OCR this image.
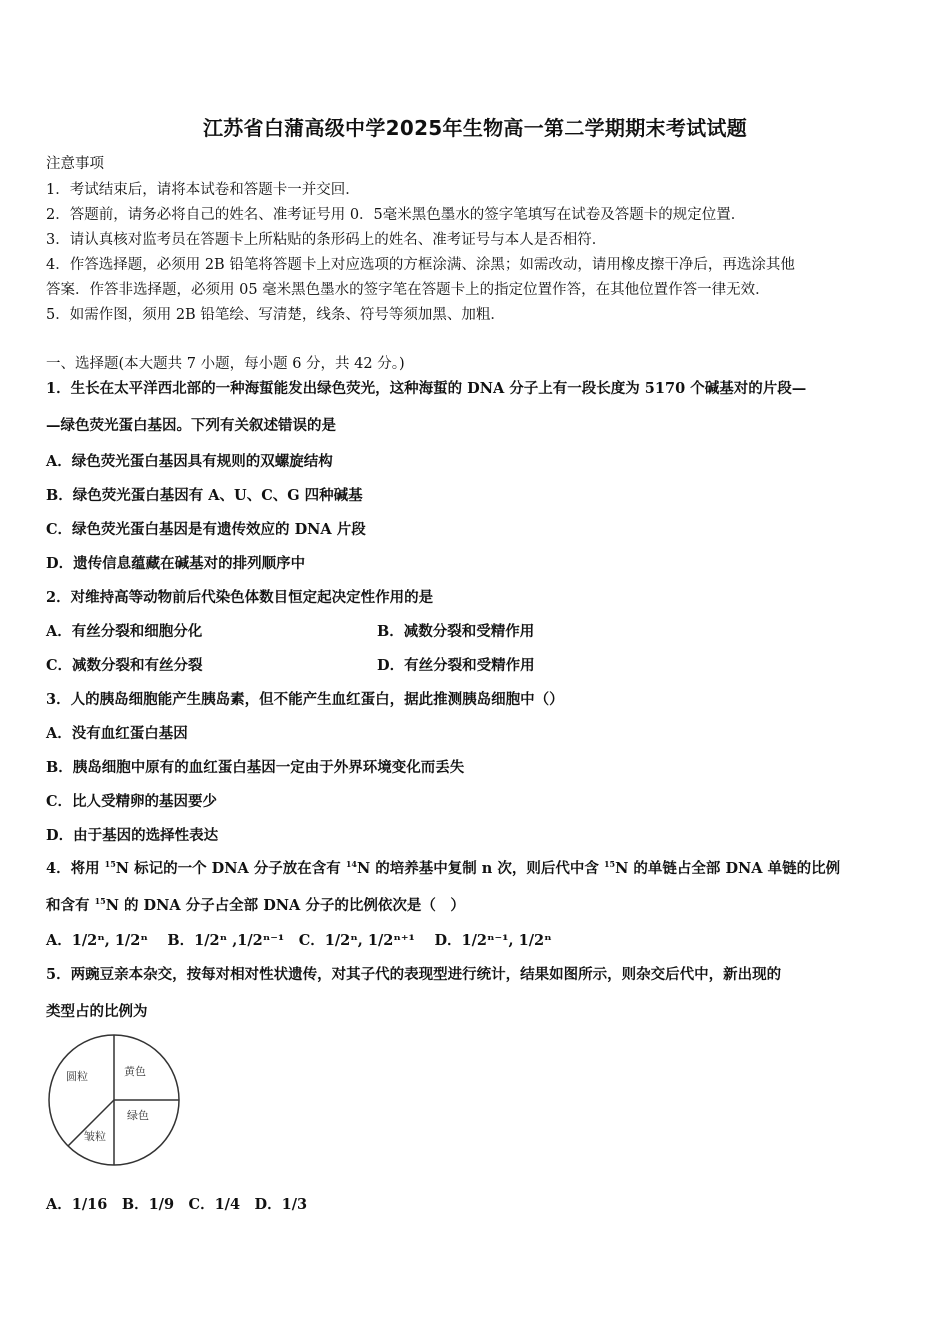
江苏省白蒲高级中学2025年生物高一第二学期期末考试试题
注意事项
1．考试结束后，请将本试卷和答题卡一并交回．
2．答题前，请务必将自己的姓名、准考证号用 0．5毫米黑色墨水的签字笔填写在试卷及答题卡的规定位置．
3．请认真核对监考员在答题卡上所粘贴的条形码上的姓名、准考证号与本人是否相符．
4．作答选择题，必须用 2B 铅笔将答题卡上对应选项的方框涂满、涂黑；如需改动，请用橡皮擦干净后，再选涂其他
答案．作答非选择题，必须用 05 毫米黑色墨水的签字笔在答题卡上的指定位置作答，在其他位置作答一律无效．
5．如需作图，须用 2B 铅笔绘、写清楚，线条、符号等须加黑、加粗．
一、选择题(本大题共 7 小题，每小题 6 分，共 42 分。)
1．生长在太平洋西北部的一种海蜇能发出绿色荧光，这种海蜇的 DNA 分子上有一段长度为 5170 个碱基对的片段—
—绿色荧光蛋白基因。下列有关叙述错误的是
A．绿色荧光蛋白基因具有规则的双螺旋结构
B．绿色荧光蛋白基因有 A、U、C、G 四种碱基
C．绿色荧光蛋白基因是有遗传效应的 DNA 片段
D．遗传信息蕴藏在碱基对的排列顺序中
2．对维持高等动物前后代染色体数目恒定起决定性作用的是
A．有丝分裂和细胞分化	B．减数分裂和受精作用
C．减数分裂和有丝分裂	D．有丝分裂和受精作用
3．人的胰岛细胞能产生胰岛素，但不能产生血红蛋白，据此推测胰岛细胞中（）
A．没有血红蛋白基因
B．胰岛细胞中原有的血红蛋白基因一定由于外界环境变化而丢失
C．比人受精卵的基因要少
D．由于基因的选择性表达
4．将用 $^{15}$N 标记的一个 DNA 分子放在含有 $^{14}$N 的培养基中复制 n 次，则后代中含 $^{15}$N 的单链占全部 DNA 单链的比例
和含有 $^{15}$N 的 DNA 分子占全部 DNA 分子的比例依次是（　）
A．1/2ⁿ, 1/2ⁿ　 B．1/2ⁿ ,1/2ⁿ⁻¹　C．1/2ⁿ, 1/2ⁿ⁺¹　 D．1/2ⁿ⁻¹, 1/2ⁿ
5．两豌豆亲本杂交，按每对相对性状遗传，对其子代的表现型进行统计，结果如图所示，则杂交后代中，新出现的
类型占的比例为
圆粒	黄色
绿色
皱粒
A．1/16　B．1/9　C．1/4　D．1/3
